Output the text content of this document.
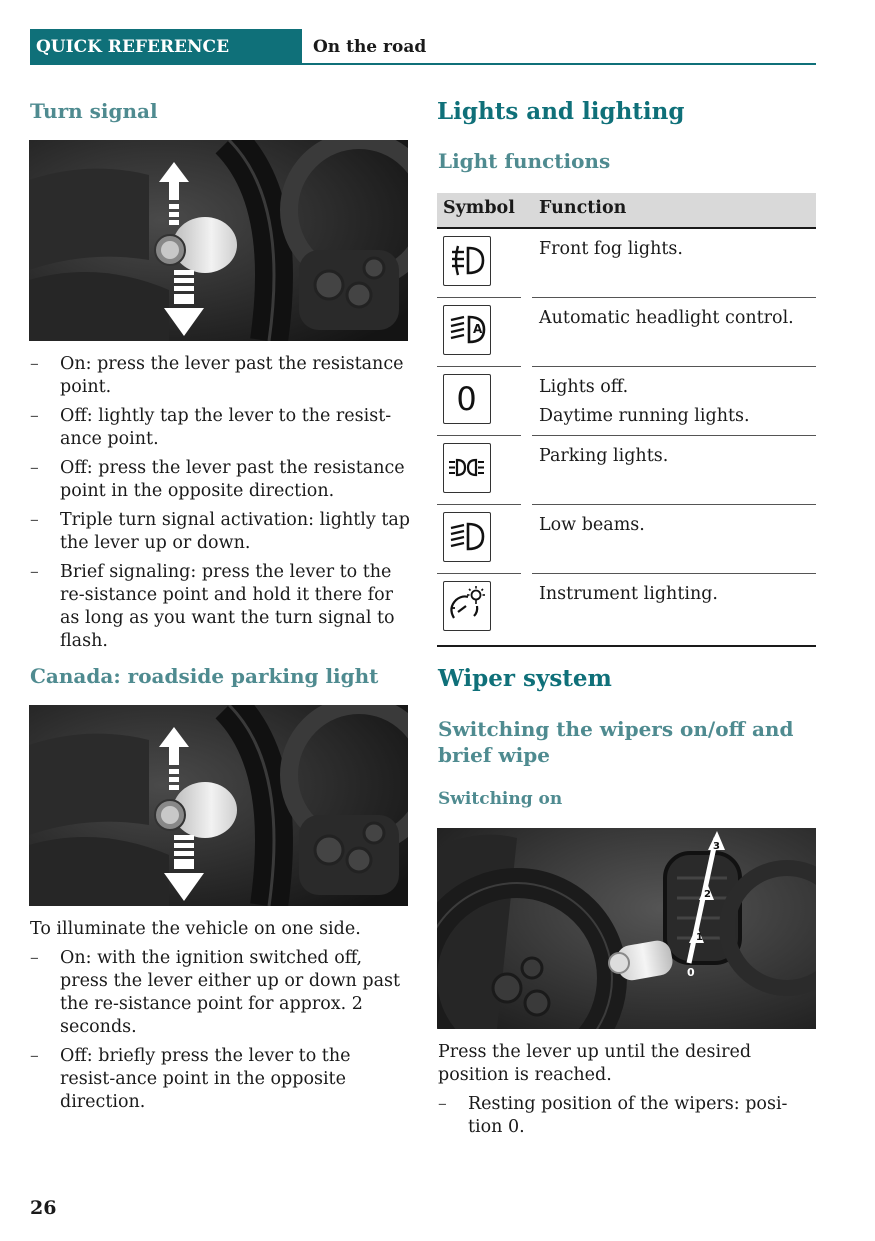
QUICK REFERENCE	On the road
Turn signal
– On: press the lever past the resistance point.
– Off: lightly tap the lever to the resist-ance point.
– Off: press the lever past the resistance point in the opposite direction.
– Triple turn signal activation: lightly tap the lever up or down.
– Brief signaling: press the lever to the re-sistance point and hold it there for as long as you want the turn signal to flash.
Canada: roadside parking light

To illuminate the vehicle on one side.

– On: with the ignition switched off, press the lever either up or down past the re-sistance point for approx. 2 seconds.
– Off: briefly press the lever to the resist-ance point in the opposite direction.
Lights and lighting
Light functions
Symbol Function
Front fog lights.
A
Automatic headlight control.
0	Lights off.
Daytime running lights.
Parking lights.
Low beams.
Instrument lighting.
Wiper system
Switching the wipers on/off and brief wipe
Switching on
0
1
2
3

Press the lever up until the desired position is reached.

– Resting position of the wipers: posi-tion 0.
26
